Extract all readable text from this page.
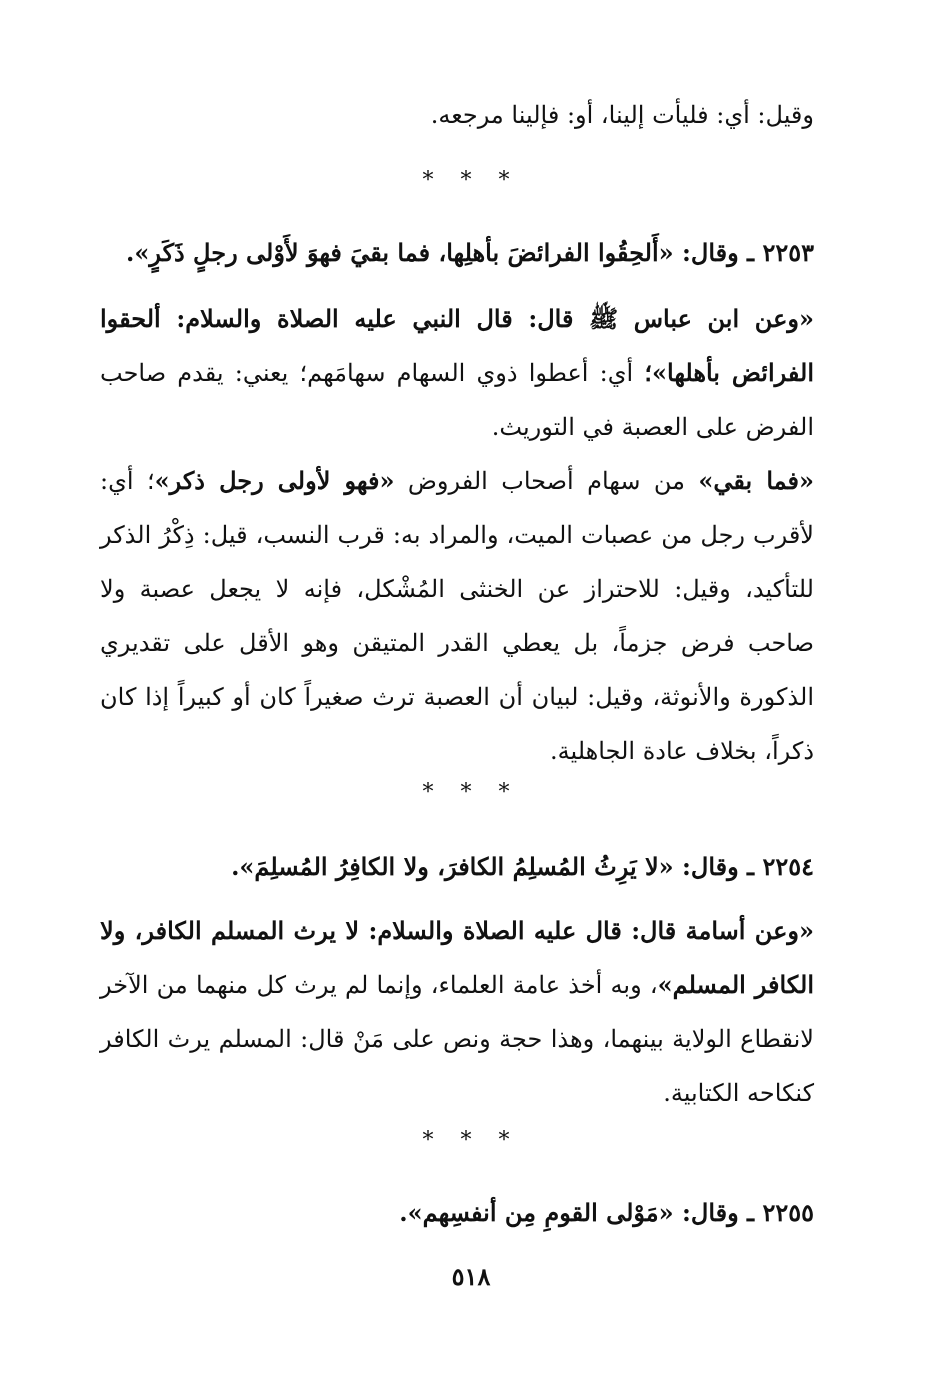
وقيل: أي: فليأت إلينا، أو: فإلينا مرجعه.
* * *
٢٢٥٣ ـ وقال: «أَلحِقُوا الفرائضَ بأهلِها، فما بقيَ فهوَ لأَوْلى رجلٍ ذَكَرٍ».
«وعن ابن عباس ﷺ قال: قال النبي عليه الصلاة والسلام: ألحقوا الفرائض بأهلها»؛ أي: أعطوا ذوي السهام سهامَهم؛ يعني: يقدم صاحب الفرض على العصبة في التوريث.
«فما بقي» من سهام أصحاب الفروض «فهو لأولى رجل ذكر»؛ أي: لأقرب رجل من عصبات الميت، والمراد به: قرب النسب، قيل: ذِكْرُ الذكر للتأكيد، وقيل: للاحتراز عن الخنثى المُشْكل، فإنه لا يجعل عصبة ولا صاحب فرض جزماً، بل يعطي القدر المتيقن وهو الأقل على تقديري الذكورة والأنوثة، وقيل: لبيان أن العصبة ترث صغيراً كان أو كبيراً إذا كان ذكراً، بخلاف عادة الجاهلية.
* * *
٢٢٥٤ ـ وقال: «لا يَرِثُ المُسلِمُ الكافرَ، ولا الكافِرُ المُسلِمَ».
«وعن أسامة قال: قال عليه الصلاة والسلام: لا يرث المسلم الكافر، ولا الكافر المسلم»، وبه أخذ عامة العلماء، وإنما لم يرث كل منهما من الآخر لانقطاع الولاية بينهما، وهذا حجة ونص على مَنْ قال: المسلم يرث الكافر كنكاحه الكتابية.
* * *
٢٢٥٥ ـ وقال: «مَوْلى القومِ مِن أنفسِهم».
٥١٨
